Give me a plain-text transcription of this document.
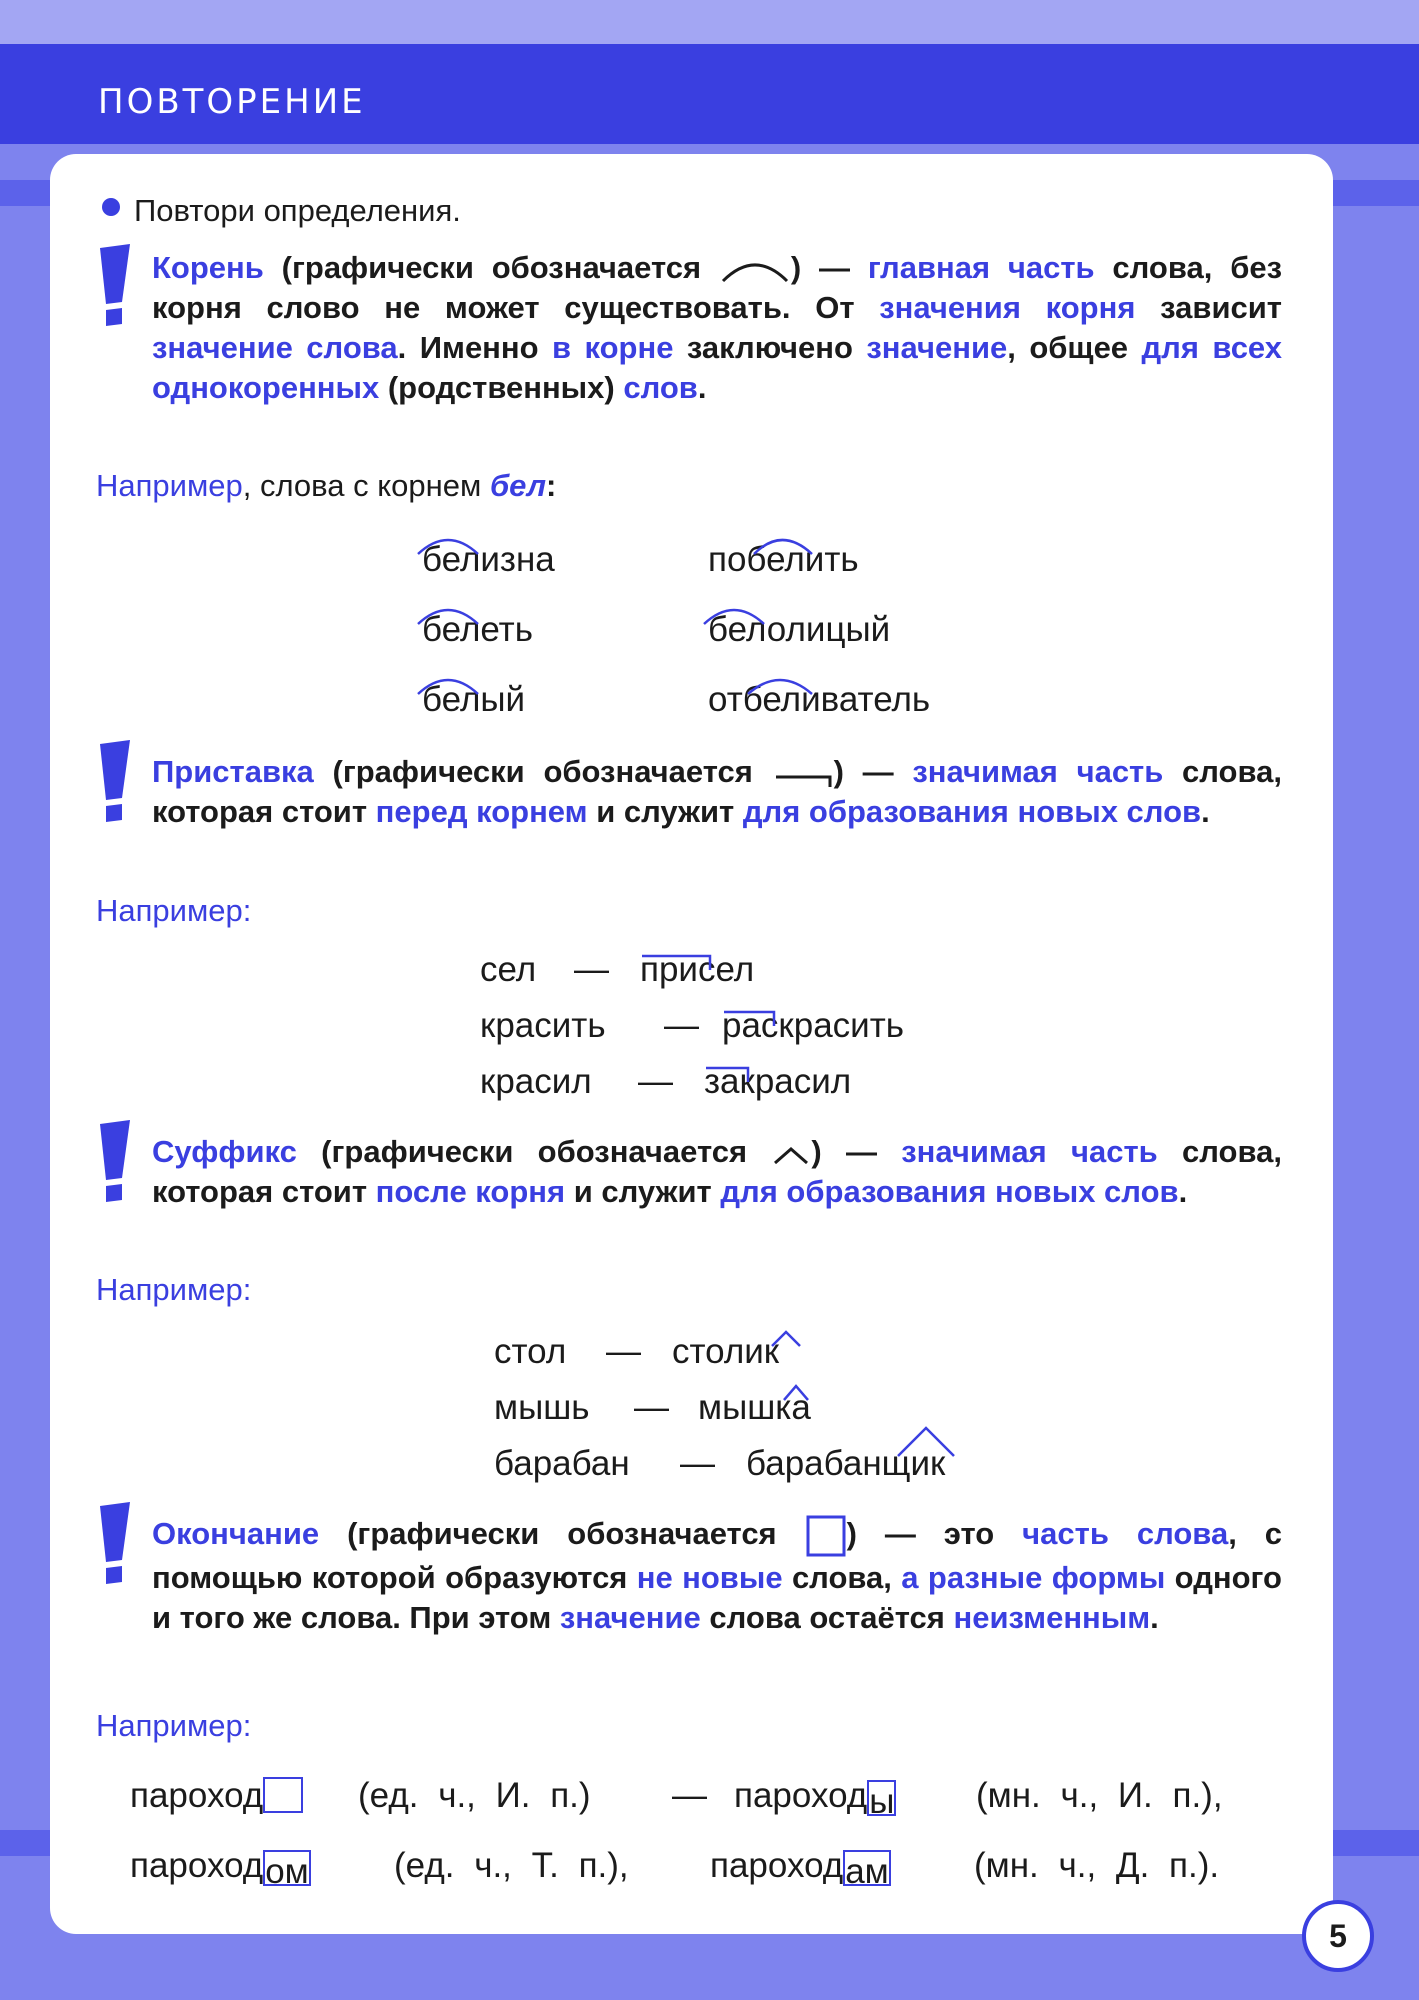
ПОВТОРЕНИЕ
Повтори определения.
Корень (графически обозначается ) — главная часть слова, без корня слово не может существовать. От значения корня зависит значение слова. Именно в корне заключено значение, общее для всех однокоренных (родственных) слов.
Например, слова с корнем бел:
белизна	побелить
белеть	белолицый
белый	отбеливатель
Приставка (графически обозначается ) — значимая часть слова, которая стоит перед корнем и служит для образования новых слов.
Например:
сел — присел
красить — раскрасить
красил — закрасил
Суффикс (графически обозначается ) — значимая часть слова, которая стоит после корня и служит для образования новых слов.
Например:
стол — столик
мышь — мышка
барабан — барабанщик
Окончание (графически обозначается ) — это часть слова, с помощью которой образуются не новые слова, а разные формы одного и того же слова. При этом значение слова остаётся неизменным.
Например:
пароход	(ед. ч., И. п.) — пароходы (мн. ч., И. п.),
пароходом (ед. ч., Т. п.), пароходам (мн. ч., Д. п.).
5
